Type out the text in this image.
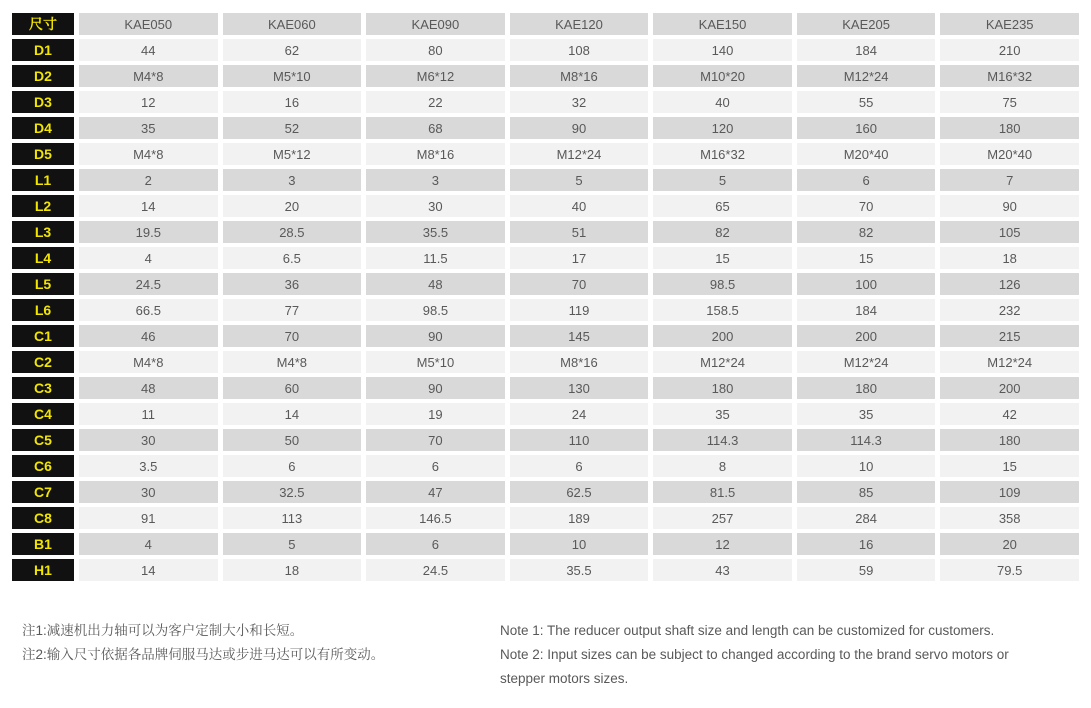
尺寸	KAE050	KAE060	KAE090	KAE120	KAE150	KAE205	KAE235
D1	44	62	80	108	140	184	210
D2	M4*8	M5*10	M6*12	M8*16	M10*20	M12*24	M16*32
D3	12	16	22	32	40	55	75
D4	35	52	68	90	120	160	180
D5	M4*8	M5*12	M8*16	M12*24	M16*32	M20*40	M20*40
L1	2	3	3	5	5	6	7
L2	14	20	30	40	65	70	90
L3	19.5	28.5	35.5	51	82	82	105
L4	4	6.5	11.5	17	15	15	18
L5	24.5	36	48	70	98.5	100	126
L6	66.5	77	98.5	119	158.5	184	232
C1	46	70	90	145	200	200	215
C2	M4*8	M4*8	M5*10	M8*16	M12*24	M12*24	M12*24
C3	48	60	90	130	180	180	200
C4	11	14	19	24	35	35	42
C5	30	50	70	110	114.3	114.3	180
C6	3.5	6	6	6	8	10	15
C7	30	32.5	47	62.5	81.5	85	109
C8	91	113	146.5	189	257	284	358
B1	4	5	6	10	12	16	20
H1	14	18	24.5	35.5	43	59	79.5
注1:减速机出力轴可以为客户定制大小和长短。
注2:输入尺寸依据各品牌伺服马达或步进马达可以有所变动。
Note 1: The reducer output shaft size and length can be customized for customers.
Note 2: Input sizes can be subject to changed according to the brand servo motors or stepper motors sizes.
